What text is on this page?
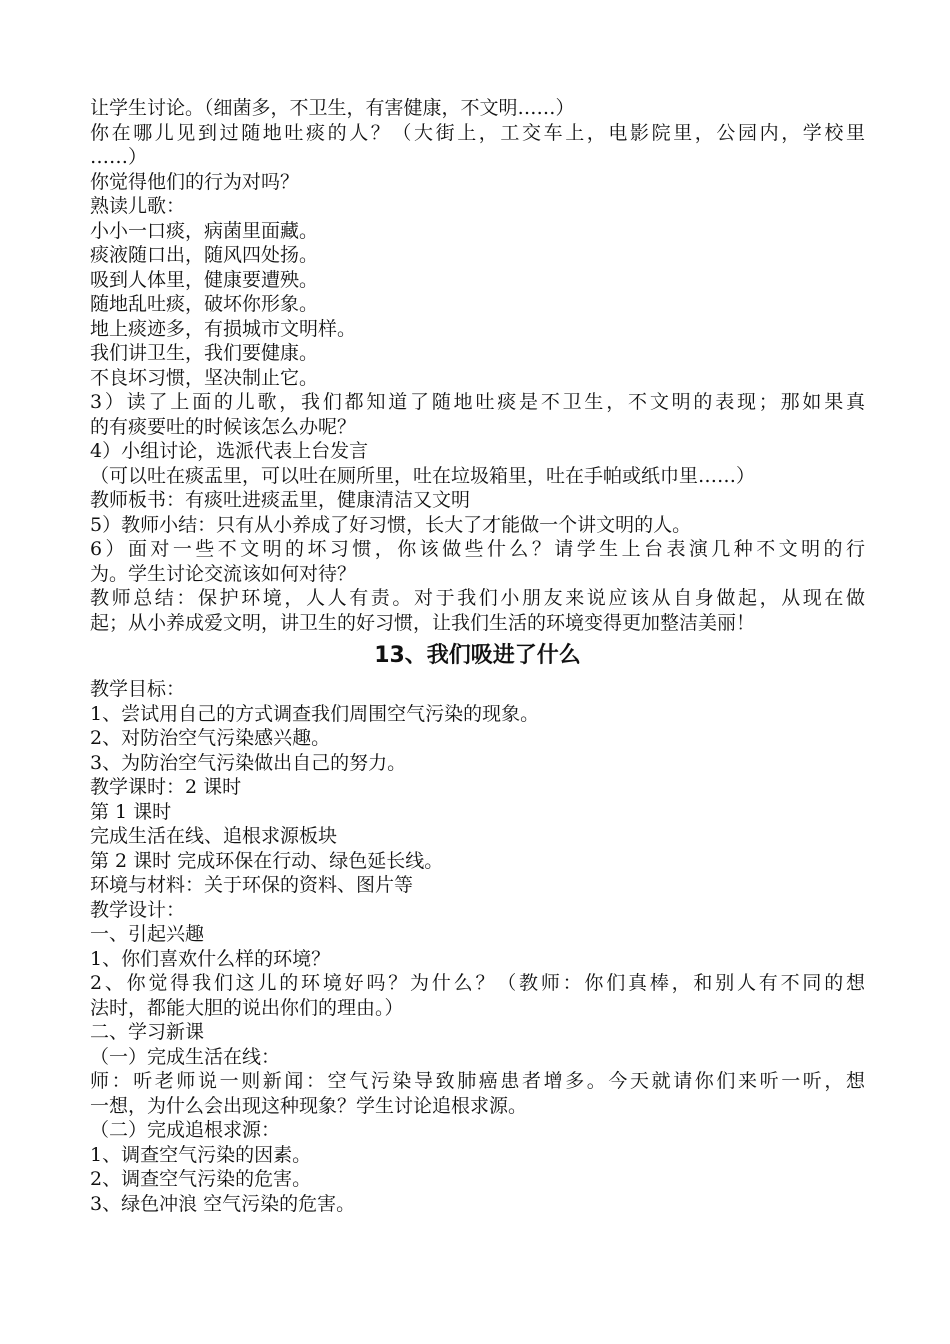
让学生讨论。（细菌多，不卫生，有害健康，不文明……）
你在哪儿见到过随地吐痰的人？（大街上，工交车上，电影院里，公园内，学校里
……）
你觉得他们的行为对吗？
熟读儿歌：
小小一口痰，病菌里面藏。
痰液随口出，随风四处扬。
吸到人体里，健康要遭殃。
随地乱吐痰，破坏你形象。
地上痰迹多，有损城市文明样。
我们讲卫生，我们要健康。
不良坏习惯，坚决制止它。
3）读了上面的儿歌，我们都知道了随地吐痰是不卫生，不文明的表现；那如果真
的有痰要吐的时候该怎么办呢？
4）小组讨论，选派代表上台发言
（可以吐在痰盂里，可以吐在厕所里，吐在垃圾箱里，吐在手帕或纸巾里……）
教师板书：有痰吐进痰盂里，健康清洁又文明
5）教师小结：只有从小养成了好习惯，长大了才能做一个讲文明的人。
6）面对一些不文明的坏习惯，你该做些什么？请学生上台表演几种不文明的行
为。学生讨论交流该如何对待？
教师总结：保护环境，人人有责。对于我们小朋友来说应该从自身做起，从现在做
起；从小养成爱文明，讲卫生的好习惯，让我们生活的环境变得更加整洁美丽！
13、我们吸进了什么
教学目标：
1、尝试用自己的方式调查我们周围空气污染的现象。
2、对防治空气污染感兴趣。
3、为防治空气污染做出自己的努力。
教学课时：2 课时
第 1 课时
完成生活在线、追根求源板块
第 2 课时 完成环保在行动、绿色延长线。
环境与材料：关于环保的资料、图片等
教学设计：
一、引起兴趣
1、你们喜欢什么样的环境？
2、你觉得我们这儿的环境好吗？为什么？（教师：你们真棒，和别人有不同的想
法时，都能大胆的说出你们的理由。）
二、学习新课
（一）完成生活在线：
师：听老师说一则新闻：空气污染导致肺癌患者增多。今天就请你们来听一听，想
一想，为什么会出现这种现象？学生讨论追根求源。
（二）完成追根求源：
1、调查空气污染的因素。
2、调查空气污染的危害。
3、绿色冲浪 空气污染的危害。
